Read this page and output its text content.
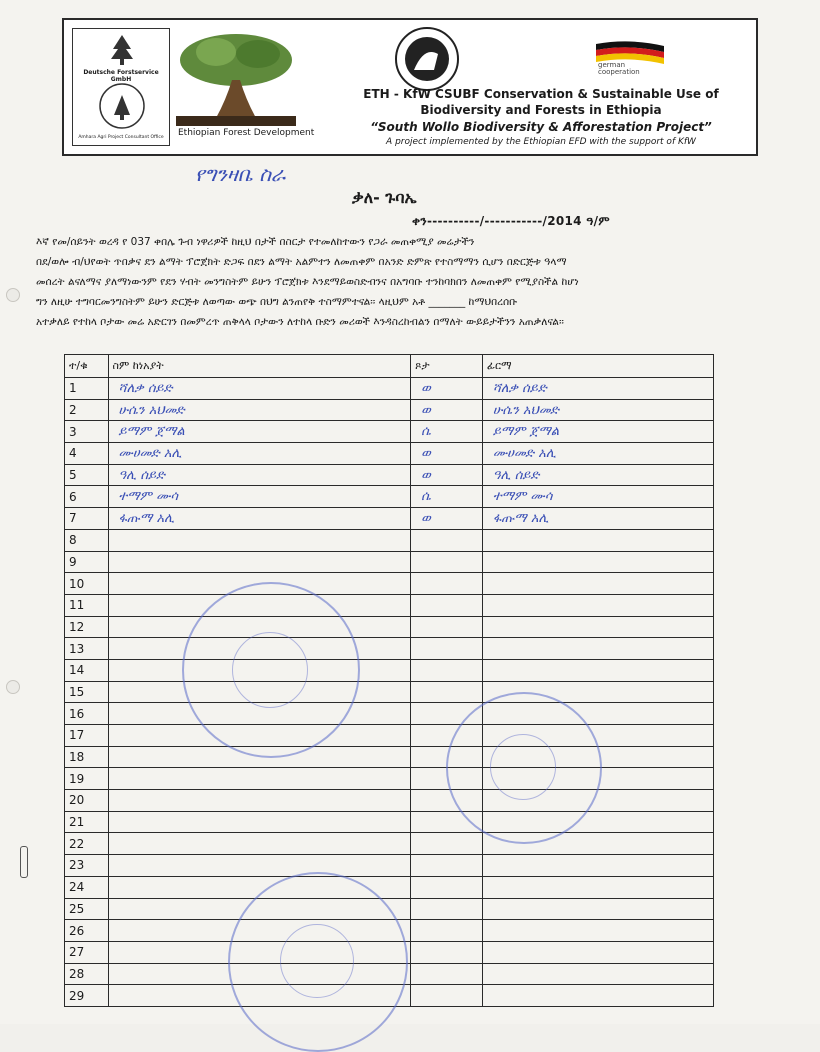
Deutsche Forstservice GmbH
Amhara Agri Project Consultant Office	Ethiopian Forest Development
german cooperation
ETH - KfW CSUBF Conservation & Sustainable Use of Biodiversity and Forests in Ethiopia
“South Wollo Biodiversity & Afforestation Project”
A project implemented by the Ethiopian EFD with the support of KfW
የግንዛቤ ስራ
ቃለ- ጉባኤ
ቀን----------/-----------/2014 ዓ/ም
እኛ የመ/ሰይንት ወረዳ የ 037 ቀበሌ ጉብ ነዋሪዎች ከዚህ በታች በስርታ የተመለከተውን የጋራ መጠቀሚያ መሬታችን
በደ/ወሎ ብ/ህየወት ጥበቃና ደን ልማት ፕሮጀክት ድጋፍ በደን ልማት አልምተን ለመጠቀም በአንድ ድምጽ የተስማማን ሲሆን በድርጅቱ ዓላማ
መሰረት ልናለማና ያለማነውንም የደን ሃብት መንግስትም ይሁን ፕሮጀክቱ እንደማይወስድብንና በአግባቡ ተንከባክበን ለመጠቀም የሚያስችል ከሆነ
ግን ለዚሁ ተግባርመንግስትም ይሁን ድርጅቱ ለወጣው ወጭ በህግ ልንጠየቅ ተስማምተናል፡፡ ላዚህም አቶ _______ ከማህበረሰቡ
አተቃለይ የተከላ ቦታው መሬ አድርገን በመምረጥ ጠቅላላ ቦታውን ለተከላ ቡድን መሪወች እንዳስረከብልን በማለት ውይይታችንን አጠቃለናል፡፡
ተ/ቁ	ስም ከነአያት	ጾታ	ፊርማ
1	ሻለቃ ሰይድ	ወ	ሻለቃ ሰይድ
2	ሁሴን አህመድ	ወ	ሁሴን አህመድ
3	ይማም ጀማል	ሴ	ይማም ጀማል
4	ሙሀመድ አሊ	ወ	ሙሀመድ አሊ
5	ዓሊ ሰይድ	ወ	ዓሊ ሰይድ
6	ተማም ሙሳ	ሴ	ተማም ሙሳ
7	ፋጡማ አሊ	ወ	ፋጡማ አሊ
8			
9			
10			
11			
12			
13			
14			
15			
16			
17			
18			
19			
20			
21			
22			
23			
24			
25			
26			
27			
28			
29			
